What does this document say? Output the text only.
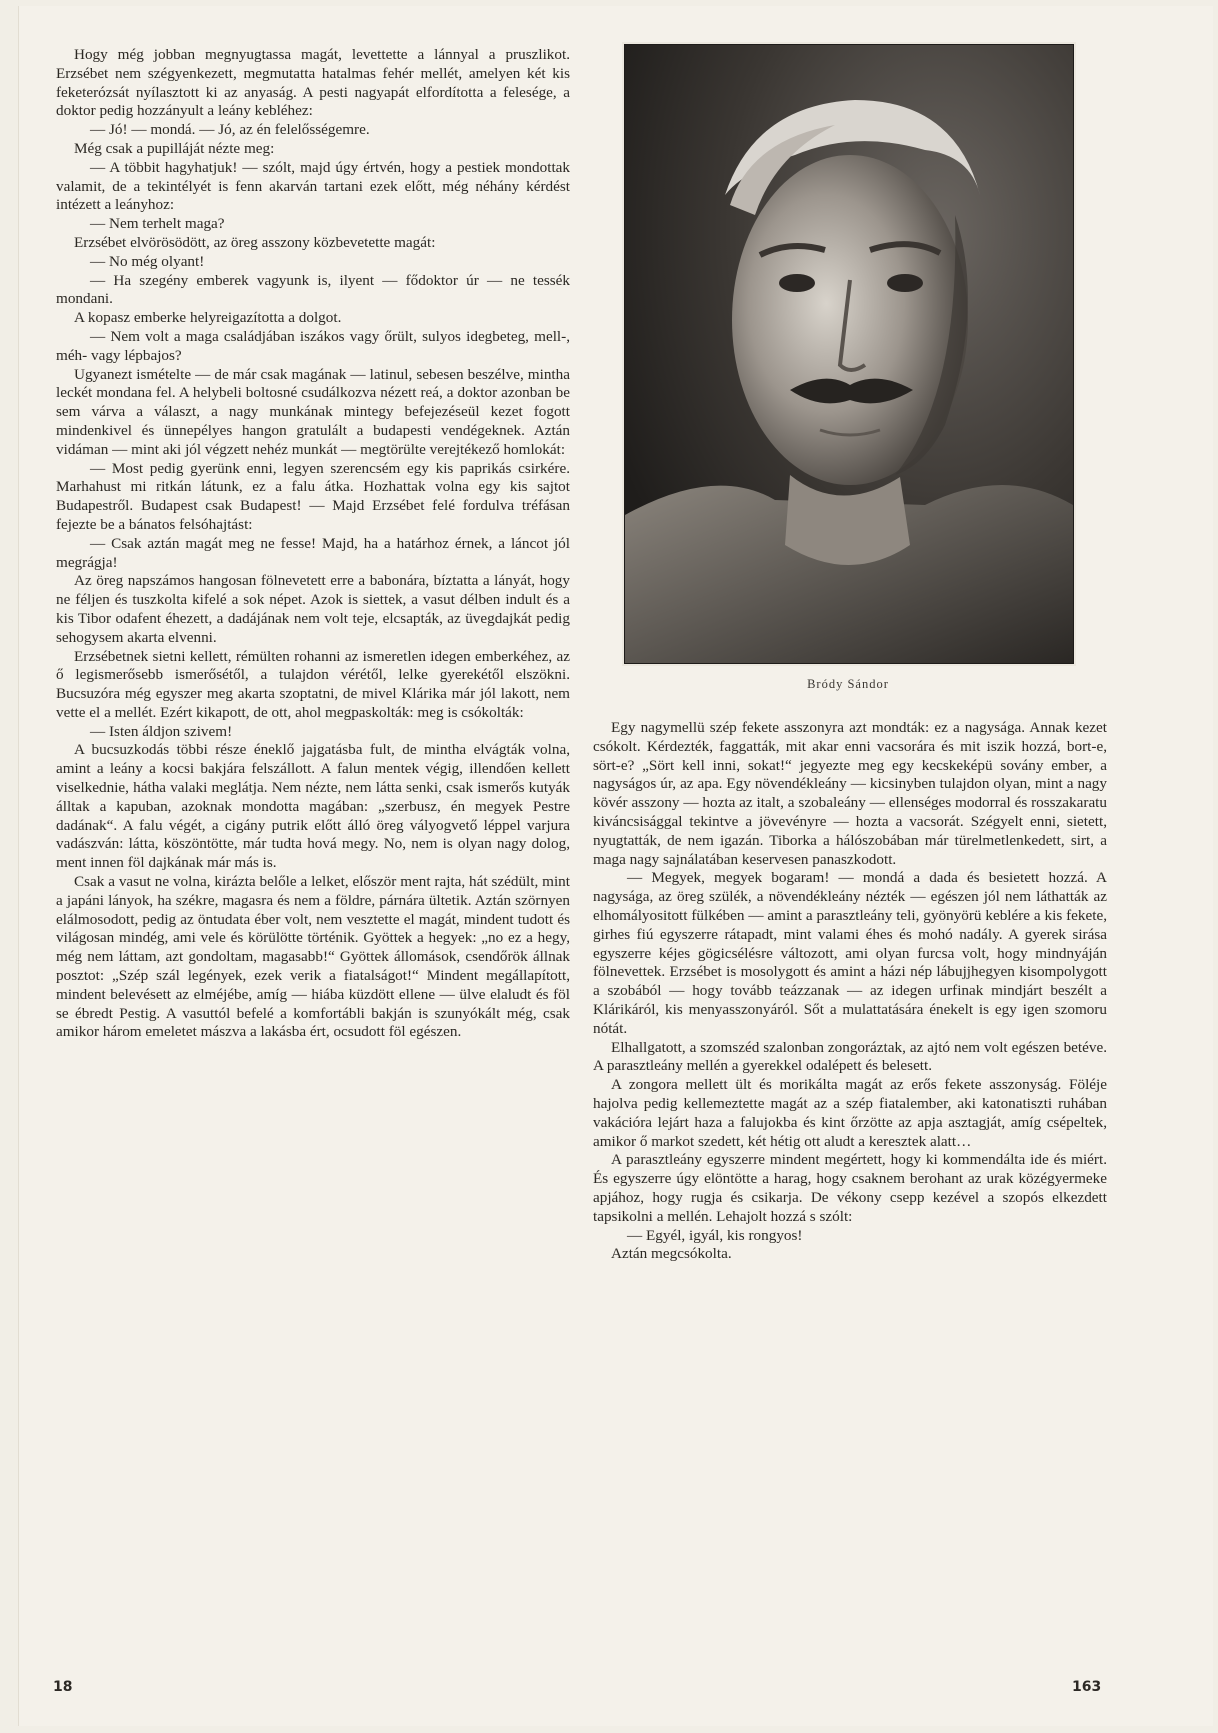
Hogy még jobban megnyugtassa magát, levettette a lánnyal a pruszlikot. Erzsébet nem szégyenkezett, megmutatta hatalmas fehér mellét, amelyen két kis feketerózsát nyílasztott ki az anyaság. A pesti nagyapát elfordította a felesége, a doktor pedig hozzányult a leány kebléhez:

— Jó! — mondá. — Jó, az én felelősségemre.

Még csak a pupilláját nézte meg:

— A többit hagyhatjuk! — szólt, majd úgy értvén, hogy a pestiek mondottak valamit, de a tekintélyét is fenn akarván tartani ezek előtt, még néhány kérdést intézett a leányhoz:

— Nem terhelt maga?

Erzsébet elvörösödött, az öreg asszony közbevetette magát:

— No még olyant!

— Ha szegény emberek vagyunk is, ilyent — fődoktor úr — ne tessék mondani.

A kopasz emberke helyreigazította a dolgot.

— Nem volt a maga családjában iszákos vagy őrült, sulyos idegbeteg, mell-, méh- vagy lépbajos?

Ugyanezt ismételte — de már csak magának — latinul, sebesen beszélve, mintha leckét mondana fel. A helybeli boltosné csudálkozva nézett reá, a doktor azonban be sem várva a választ, a nagy munkának mintegy befejezéseül kezet fogott mindenkivel és ünnepélyes hangon gratulált a budapesti vendégeknek. Aztán vidáman — mint aki jól végzett nehéz munkát — megtörülte verejtékező homlokát:

— Most pedig gyerünk enni, legyen szerencsém egy kis paprikás csirkére. Marhahust mi ritkán látunk, ez a falu átka. Hozhattak volna egy kis sajtot Budapestről. Budapest csak Budapest! — Majd Erzsébet felé fordulva tréfásan fejezte be a bánatos felsóhajtást:

— Csak aztán magát meg ne fesse! Majd, ha a határhoz érnek, a láncot jól megrágja!

Az öreg napszámos hangosan fölnevetett erre a babonára, bíztatta a lányát, hogy ne féljen és tuszkolta kifelé a sok népet. Azok is siettek, a vasut délben indult és a kis Tibor odafent éhezett, a dadájának nem volt teje, elcsapták, az üvegdajkát pedig sehogysem akarta elvenni.

Erzsébetnek sietni kellett, rémülten rohanni az ismeretlen idegen emberkéhez, az ő legismerősebb ismerősétől, a tulajdon vérétől, lelke gyerekétől elszökni. Bucsuzóra még egyszer meg akarta szoptatni, de mivel Klárika már jól lakott, nem vette el a mellét. Ezért kikapott, de ott, ahol megpaskolták: meg is csókolták:

— Isten áldjon szivem!

A bucsuzkodás többi része éneklő jajgatásba fult, de mintha elvágták volna, amint a leány a kocsi bakjára felszállott. A falun mentek végig, illendően kellett viselkednie, hátha valaki meglátja. Nem nézte, nem látta senki, csak ismerős kutyák álltak a kapuban, azoknak mondotta magában: „szerbusz, én megyek Pestre dadának“. A falu végét, a cigány putrik előtt álló öreg vályogvető léppel varjura vadászván: látta, köszöntötte, már tudta hová megy. No, nem is olyan nagy dolog, ment innen föl dajkának már más is.

Csak a vasut ne volna, kirázta belőle a lelket, először ment rajta, hát szédült, mint a japáni lányok, ha székre, magasra és nem a földre, párnára ültetik. Aztán szörnyen elálmosodott, pedig az öntudata éber volt, nem vesztette el magát, mindent tudott és világosan mindég, ami vele és körülötte történik. Gyöttek a hegyek: „no ez a hegy, még nem láttam, azt gondoltam, magasabb!“ Gyöttek állomások, csendőrök állnak posztot: „Szép szál legények, ezek verik a fiatalságot!“ Mindent megállapított, mindent belevésett az elméjébe, amíg — hiába küzdött ellene — ülve elaludt és föl se ébredt Pestig. A vasuttól befelé a komfortábli bakján is szunyókált még, csak amikor három emeletet mászva a lakásba ért, ocsudott föl egészen.

Bródy Sándor

Egy nagymellü szép fekete asszonyra azt mondták: ez a nagysága. Annak kezet csókolt. Kérdezték, faggatták, mit akar enni vacsorára és mit iszik hozzá, bort-e, sört-e? „Sört kell inni, sokat!“ jegyezte meg egy kecskeképü sovány ember, a nagyságos úr, az apa. Egy növendékleány — kicsinyben tulajdon olyan, mint a nagy kövér asszony — hozta az italt, a szobaleány — ellenséges modorral és rosszakaratu kiváncsisággal tekintve a jövevényre — hozta a vacsorát. Szégyelt enni, sietett, nyugtatták, de nem igazán. Tiborka a hálószobában már türelmetlenkedett, sirt, a maga nagy sajnálatában keservesen panaszkodott.

— Megyek, megyek bogaram! — mondá a dada és besietett hozzá. A nagysága, az öreg szülék, a növendékleány nézték — egészen jól nem láthatták az elhomályositott fülkében — amint a parasztleány teli, gyönyörü keblére a kis fekete, girhes fiú egyszerre rátapadt, mint valami éhes és mohó nadály. A gyerek sirása egyszerre kéjes gögicsélésre változott, ami olyan furcsa volt, hogy mindnyáján fölnevettek. Erzsébet is mosolygott és amint a házi nép lábujjhegyen kisompolygott a szobából — hogy tovább teázzanak — az idegen urfinak mindjárt beszélt a Klárikáról, kis menyasszonyáról. Sőt a mulattatására énekelt is egy igen szomoru nótát.

Elhallgatott, a szomszéd szalonban zongoráztak, az ajtó nem volt egészen betéve. A parasztleány mellén a gyerekkel odalépett és belesett.

A zongora mellett ült és morikálta magát az erős fekete asszonyság. Föléje hajolva pedig kellemeztette magát az a szép fiatalember, aki katonatiszti ruhában vakációra lejárt haza a falujokba és kint őrzötte az apja asztagját, amíg csépeltek, amikor ő markot szedett, két hétig ott aludt a keresztek alatt…

A parasztleány egyszerre mindent megértett, hogy ki kommendálta ide és miért. És egyszerre úgy elöntötte a harag, hogy csaknem berohant az urak közégyermeke apjához, hogy rugja és csikarja. De vékony csepp kezével a szopós elkezdett tapsikolni a mellén. Lehajolt hozzá s szólt:

— Egyél, igyál, kis rongyos!

Aztán megcsókolta.

18	163
